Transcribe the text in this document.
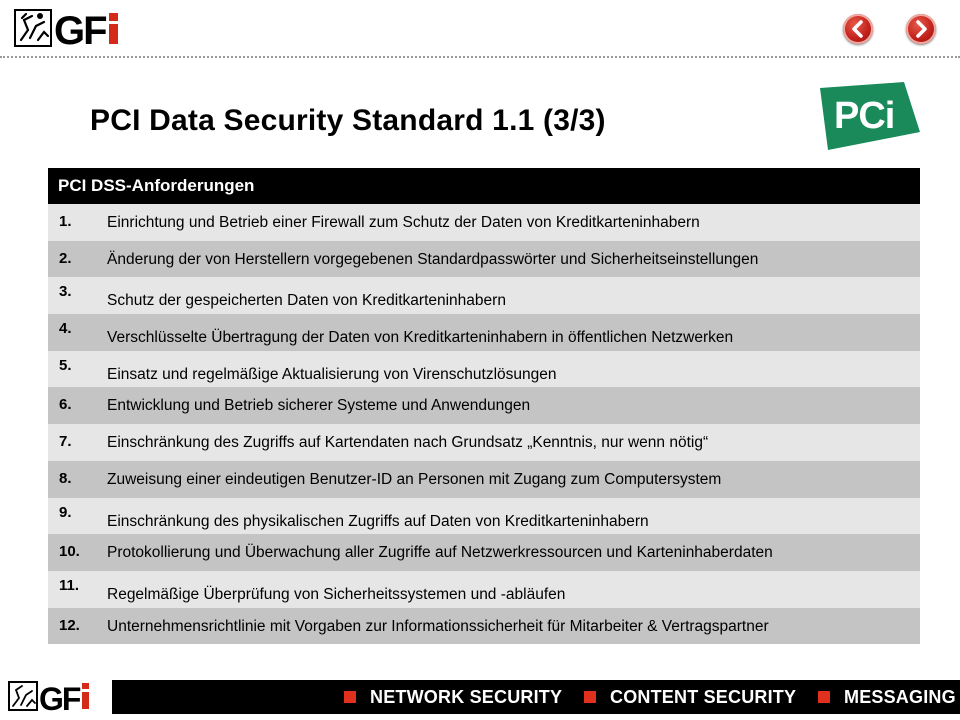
GF
PCI Data Security Standard 1.1 (3/3)	PCi
PCI DSS-Anforderungen
1. Einrichtung und Betrieb einer Firewall zum Schutz der Daten von Kreditkarteninhabern
2. Änderung der von Herstellern vorgegebenen Standardpasswörter und Sicherheitseinstellungen
3.
Schutz der gespeicherten Daten von Kreditkarteninhabern
4.
Verschlüsselte Übertragung der Daten von Kreditkarteninhabern in öffentlichen Netzwerken
5.
Einsatz und regelmäßige Aktualisierung von Virenschutzlösungen
6. Entwicklung und Betrieb sicherer Systeme und Anwendungen
7. Einschränkung des Zugriffs auf Kartendaten nach Grundsatz „Kenntnis, nur wenn nötig“
8. Zuweisung einer eindeutigen Benutzer-ID an Personen mit Zugang zum Computersystem
9.
Einschränkung des physikalischen Zugriffs auf Daten von Kreditkarteninhabern
10. Protokollierung und Überwachung aller Zugriffe auf Netzwerkressourcen und Karteninhaberdaten
11.
Regelmäßige Überprüfung von Sicherheitssystemen und -abläufen
12. Unternehmensrichtlinie mit Vorgaben zur Informationssicherheit für Mitarbeiter & Vertragspartner
GF	NETWORK SECURITY	CONTENT SECURITY	MESSAGING
